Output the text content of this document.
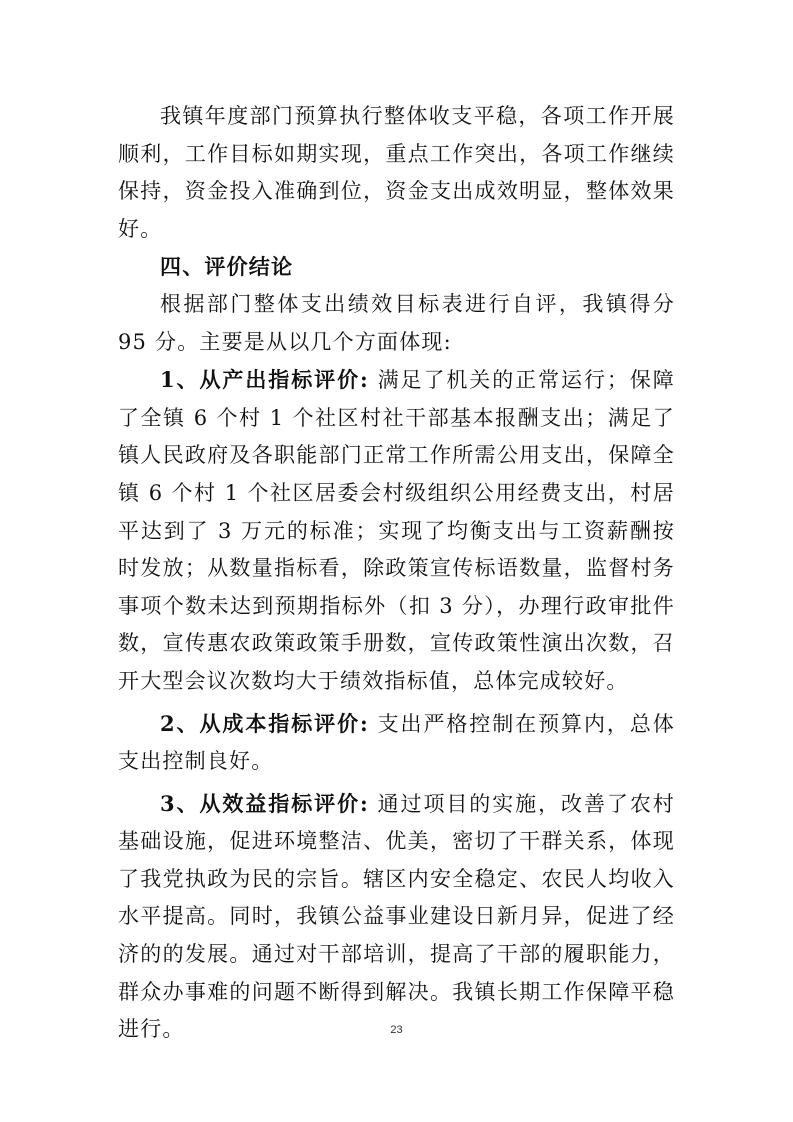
我镇年度部门预算执行整体收支平稳，各项工作开展顺利，工作目标如期实现，重点工作突出，各项工作继续保持，资金投入准确到位，资金支出成效明显，整体效果好。

四、评价结论

根据部门整体支出绩效目标表进行自评，我镇得分 95 分。主要是从以几个方面体现:

1、从产出指标评价: 满足了机关的正常运行；保障了全镇 6 个村 1 个社区村社干部基本报酬支出；满足了镇人民政府及各职能部门正常工作所需公用支出，保障全镇 6 个村 1 个社区居委会村级组织公用经费支出，村居平达到了 3 万元的标准；实现了均衡支出与工资薪酬按时发放；从数量指标看，除政策宣传标语数量，监督村务事项个数未达到预期指标外（扣 3 分），办理行政审批件数，宣传惠农政策政策手册数，宣传政策性演出次数，召开大型会议次数均大于绩效指标值，总体完成较好。

2、从成本指标评价: 支出严格控制在预算内，总体支出控制良好。

3、从效益指标评价: 通过项目的实施，改善了农村基础设施，促进环境整洁、优美，密切了干群关系，体现了我党执政为民的宗旨。辖区内安全稳定、农民人均收入水平提高。同时，我镇公益事业建设日新月异，促进了经济的的发展。通过对干部培训，提高了干部的履职能力，群众办事难的问题不断得到解决。我镇长期工作保障平稳进行。	23
